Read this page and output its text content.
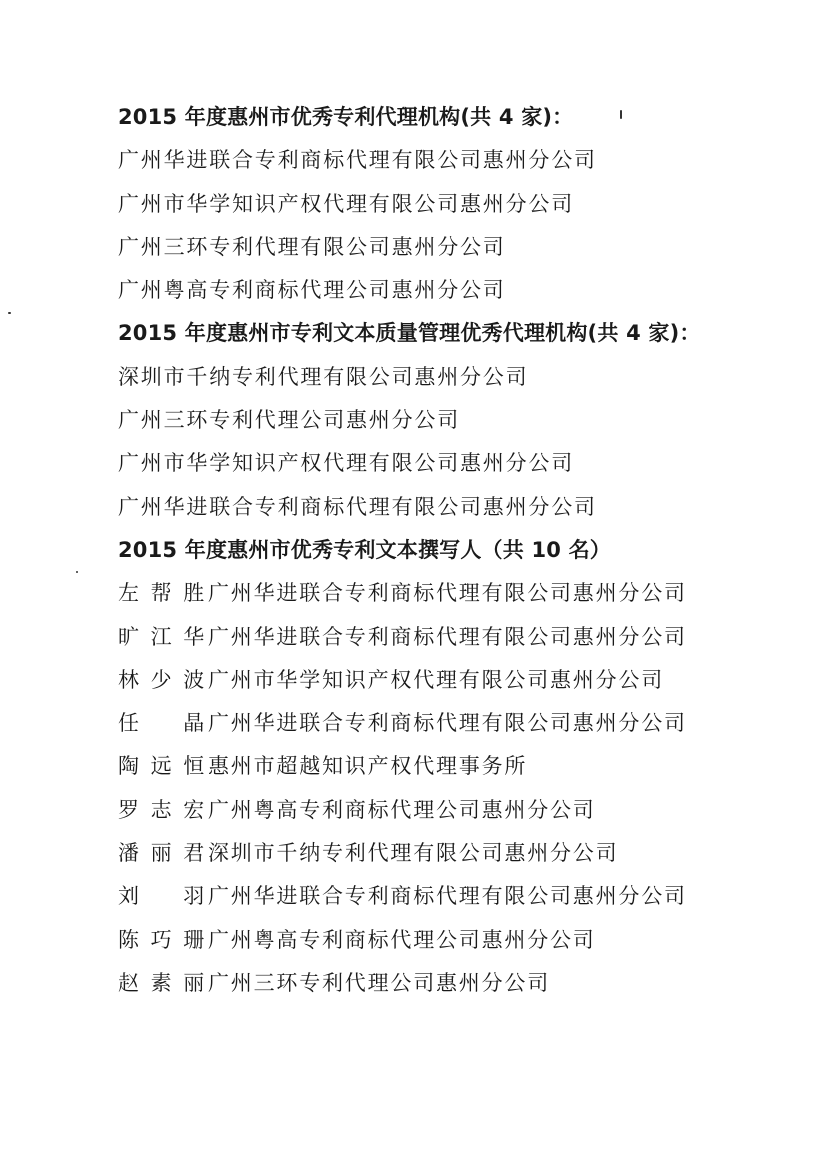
2015 年度惠州市优秀专利代理机构(共 4 家)：
广州华进联合专利商标代理有限公司惠州分公司
广州市华学知识产权代理有限公司惠州分公司
广州三环专利代理有限公司惠州分公司
广州粤高专利商标代理公司惠州分公司
2015 年度惠州市专利文本质量管理优秀代理机构(共 4 家)：
深圳市千纳专利代理有限公司惠州分公司
广州三环专利代理公司惠州分公司
广州市华学知识产权代理有限公司惠州分公司
广州华进联合专利商标代理有限公司惠州分公司
2015 年度惠州市优秀专利文本撰写人（共 10 名）
左帮胜 广州华进联合专利商标代理有限公司惠州分公司
旷江华 广州华进联合专利商标代理有限公司惠州分公司
林少波 广州市华学知识产权代理有限公司惠州分公司
任晶 广州华进联合专利商标代理有限公司惠州分公司
陶远恒 惠州市超越知识产权代理事务所
罗志宏 广州粤高专利商标代理公司惠州分公司
潘丽君 深圳市千纳专利代理有限公司惠州分公司
刘羽 广州华进联合专利商标代理有限公司惠州分公司
陈巧珊 广州粤高专利商标代理公司惠州分公司
赵素丽 广州三环专利代理公司惠州分公司
